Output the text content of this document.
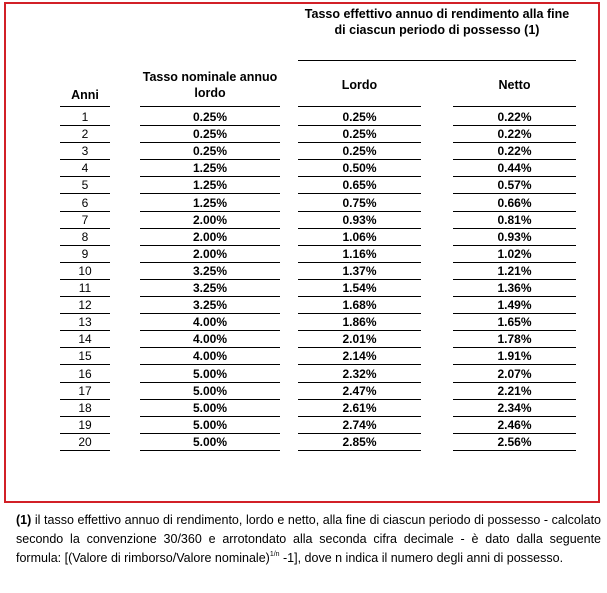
Tasso effettivo annuo di rendimento alla fine di ciascun periodo di possesso (1)
Anni
Tasso nominale annuo lordo
Lordo	Netto
1	0.25%	0.25%	0.22%
2	0.25%	0.25%	0.22%
3	0.25%	0.25%	0.22%
4	1.25%	0.50%	0.44%
5	1.25%	0.65%	0.57%
6	1.25%	0.75%	0.66%
7	2.00%	0.93%	0.81%
8	2.00%	1.06%	0.93%
9	2.00%	1.16%	1.02%
10	3.25%	1.37%	1.21%
11	3.25%	1.54%	1.36%
12	3.25%	1.68%	1.49%
13	4.00%	1.86%	1.65%
14	4.00%	2.01%	1.78%
15	4.00%	2.14%	1.91%
16	5.00%	2.32%	2.07%
17	5.00%	2.47%	2.21%
18	5.00%	2.61%	2.34%
19	5.00%	2.74%	2.46%
20	5.00%	2.85%	2.56%
(1) il tasso effettivo annuo di rendimento, lordo e netto, alla fine di ciascun periodo di possesso - calcolato secondo la convenzione 30/360 e arrotondato alla seconda cifra decimale - è dato dalla seguente formula: [(Valore di rimborso/Valore nominale)$^{1/n}$ -1], dove n indica il numero degli anni di possesso.
